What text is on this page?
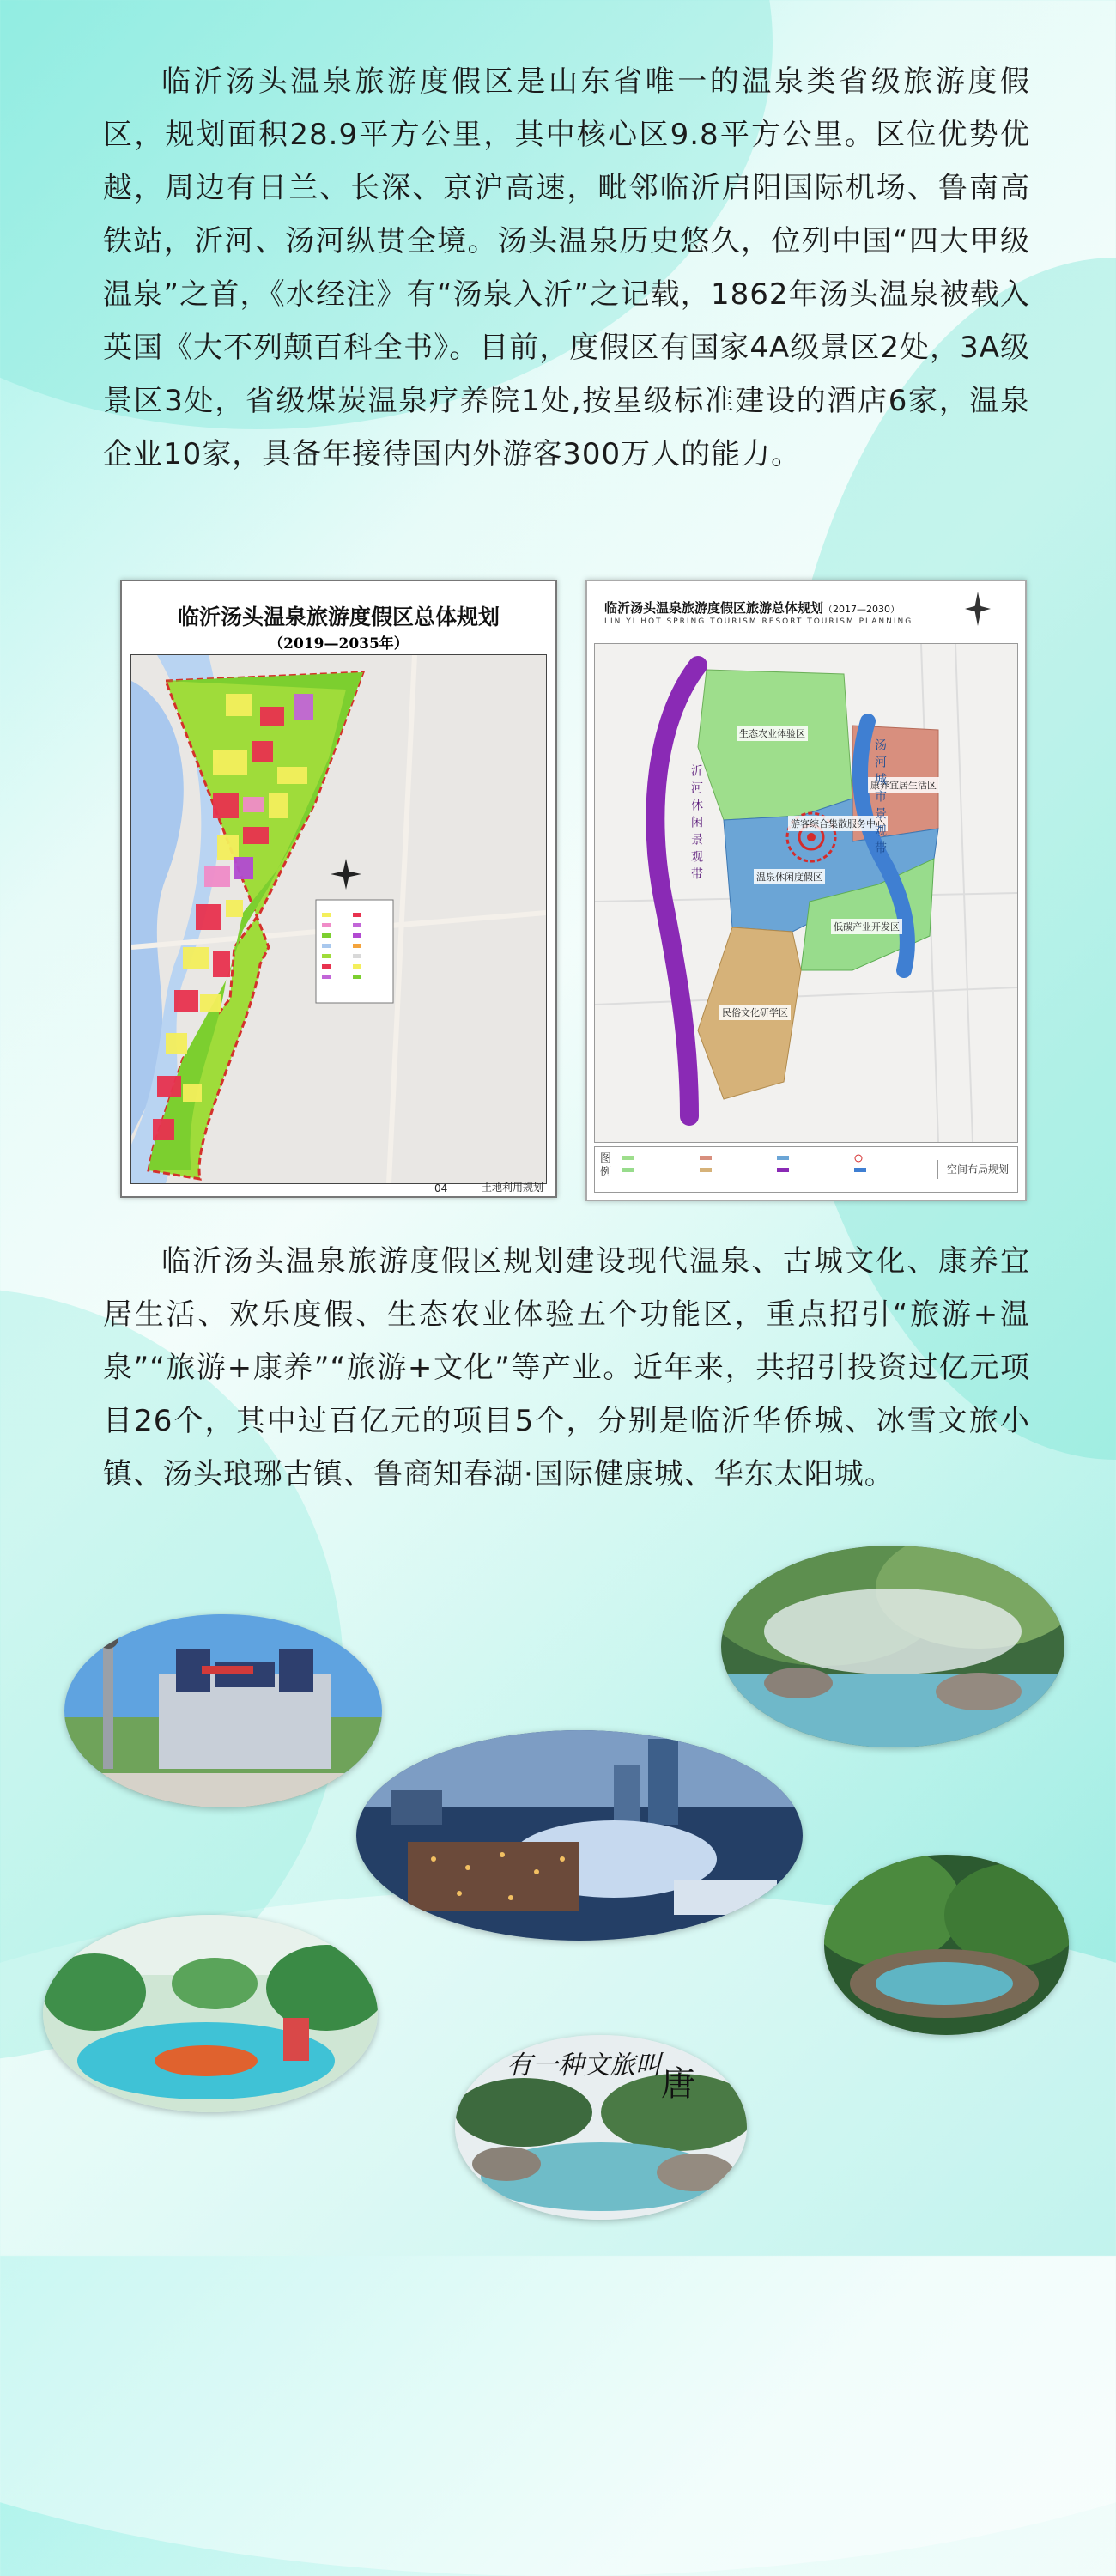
临沂汤头温泉旅游度假区是山东省唯一的温泉类省级旅游度假区，规划面积28.9平方公里，其中核心区9.8平方公里。区位优势优越，周边有日兰、长深、京沪高速，毗邻临沂启阳国际机场、鲁南高铁站，沂河、汤河纵贯全境。汤头温泉历史悠久，位列中国“四大甲级温泉”之首，《水经注》有“汤泉入沂”之记载，1862年汤头温泉被载入英国《大不列颠百科全书》。目前，度假区有国家4A级景区2处，3A级景区3处，省级煤炭温泉疗养院1处,按星级标准建设的酒店6家，温泉企业10家，具备年接待国内外游客300万人的能力。

临沂汤头温泉旅游度假区总体规划
（2019—2035年）
04	土地利用规划
临沂汤头温泉旅游度假区旅游总体规划（2017—2030）
LIN YI HOT SPRING TOURISM RESORT TOURISM PLANNING
生态农业体验区
康养宜居生活区
游客综合集散服务中心
温泉休闲度假区
低碳产业开发区
民俗文化研学区
沂河休闲景观带	汤河城市景观带
图例	空间布局规划

临沂汤头温泉旅游度假区规划建设现代温泉、古城文化、康养宜居生活、欢乐度假、生态农业体验五个功能区，重点招引“旅游+温泉”“旅游+康养”“旅游+文化”等产业。近年来，共招引投资过亿元项目26个，其中过百亿元的项目5个，分别是临沂华侨城、冰雪文旅小镇、汤头琅琊古镇、鲁商知春湖·国际健康城、华东太阳城。

有一种文旅叫 唐
